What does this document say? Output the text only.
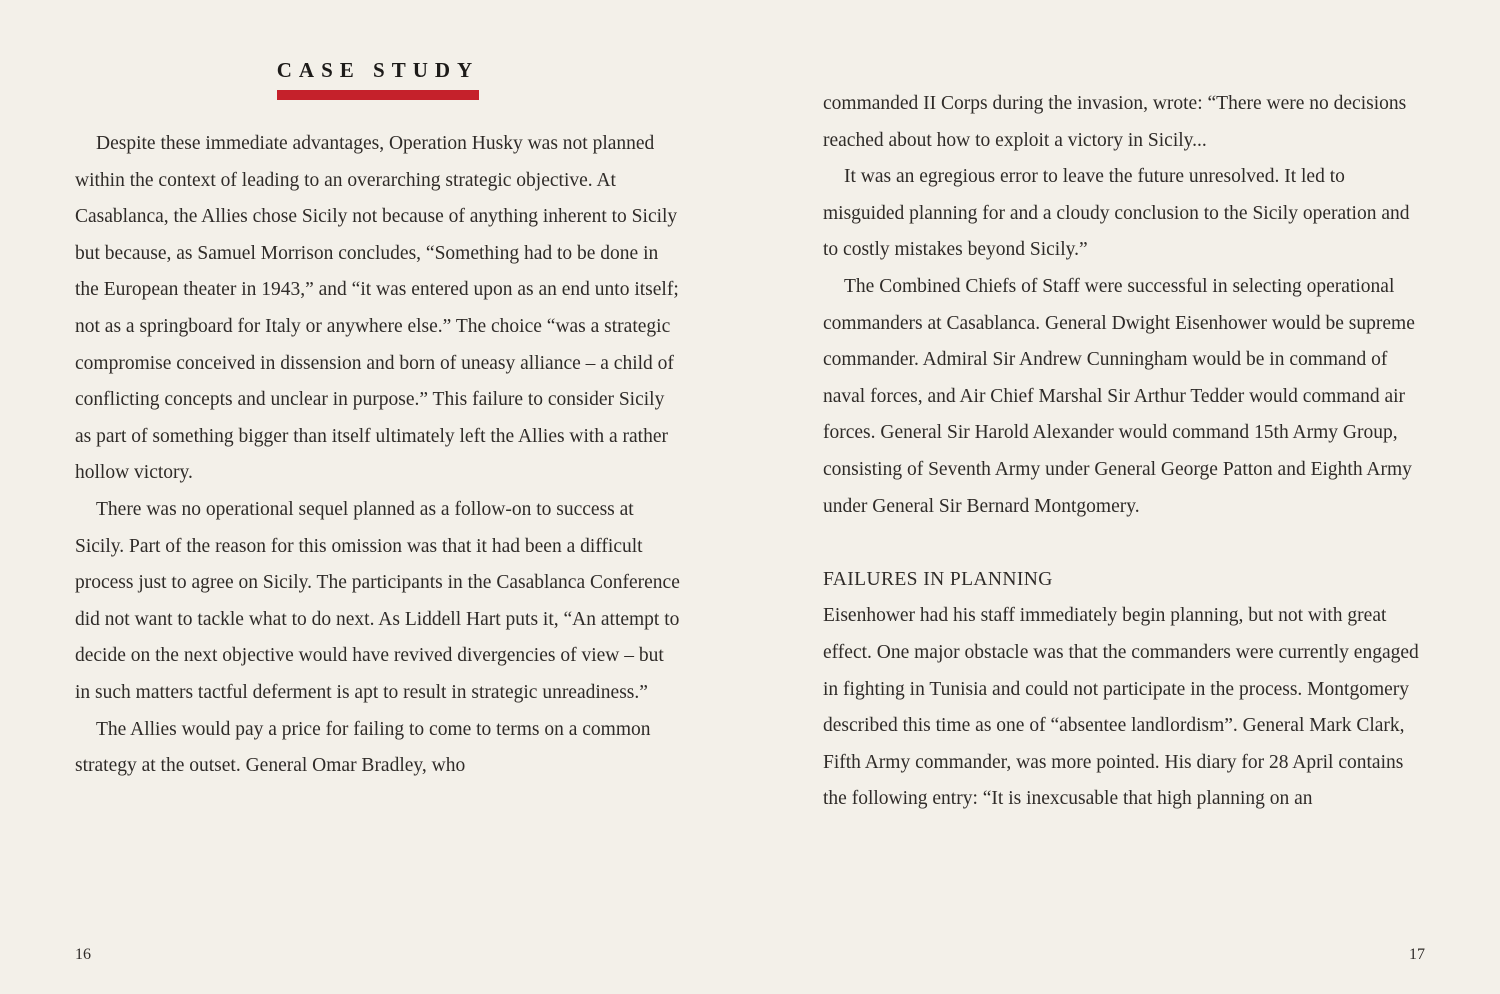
CASE STUDY

Despite these immediate advantages, Operation Husky was not planned within the context of leading to an overarching strategic objective. At Casablanca, the Allies chose Sicily not because of anything inherent to Sicily but because, as Samuel Morrison concludes, “Something had to be done in the European theater in 1943,” and “it was entered upon as an end unto itself; not as a springboard for Italy or anywhere else.” The choice “was a strategic compromise conceived in dissension and born of uneasy alliance – a child of conflicting concepts and unclear in purpose.” This failure to consider Sicily as part of something bigger than itself ultimately left the Allies with a rather hollow victory.

There was no operational sequel planned as a follow-on to success at Sicily. Part of the reason for this omission was that it had been a difficult process just to agree on Sicily. The participants in the Casablanca Conference did not want to tackle what to do next. As Liddell Hart puts it, “An attempt to decide on the next objective would have revived divergencies of view – but in such matters tactful deferment is apt to result in strategic unreadiness.”

The Allies would pay a price for failing to come to terms on a common strategy at the outset. General Omar Bradley, who

16

commanded II Corps during the invasion, wrote: “There were no decisions reached about how to exploit a victory in Sicily...

It was an egregious error to leave the future unresolved. It led to misguided planning for and a cloudy conclusion to the Sicily operation and to costly mistakes beyond Sicily.”

The Combined Chiefs of Staff were successful in selecting operational commanders at Casablanca. General Dwight Eisenhower would be supreme commander. Admiral Sir Andrew Cunningham would be in command of naval forces, and Air Chief Marshal Sir Arthur Tedder would command air forces. General Sir Harold Alexander would command 15th Army Group, consisting of Seventh Army under General George Patton and Eighth Army under General Sir Bernard Montgomery.

FAILURES IN PLANNING

Eisenhower had his staff immediately begin planning, but not with great effect. One major obstacle was that the commanders were currently engaged in fighting in Tunisia and could not participate in the process. Montgomery described this time as one of “absentee landlordism”. General Mark Clark, Fifth Army commander, was more pointed. His diary for 28 April contains the following entry: “It is inexcusable that high planning on an

17
